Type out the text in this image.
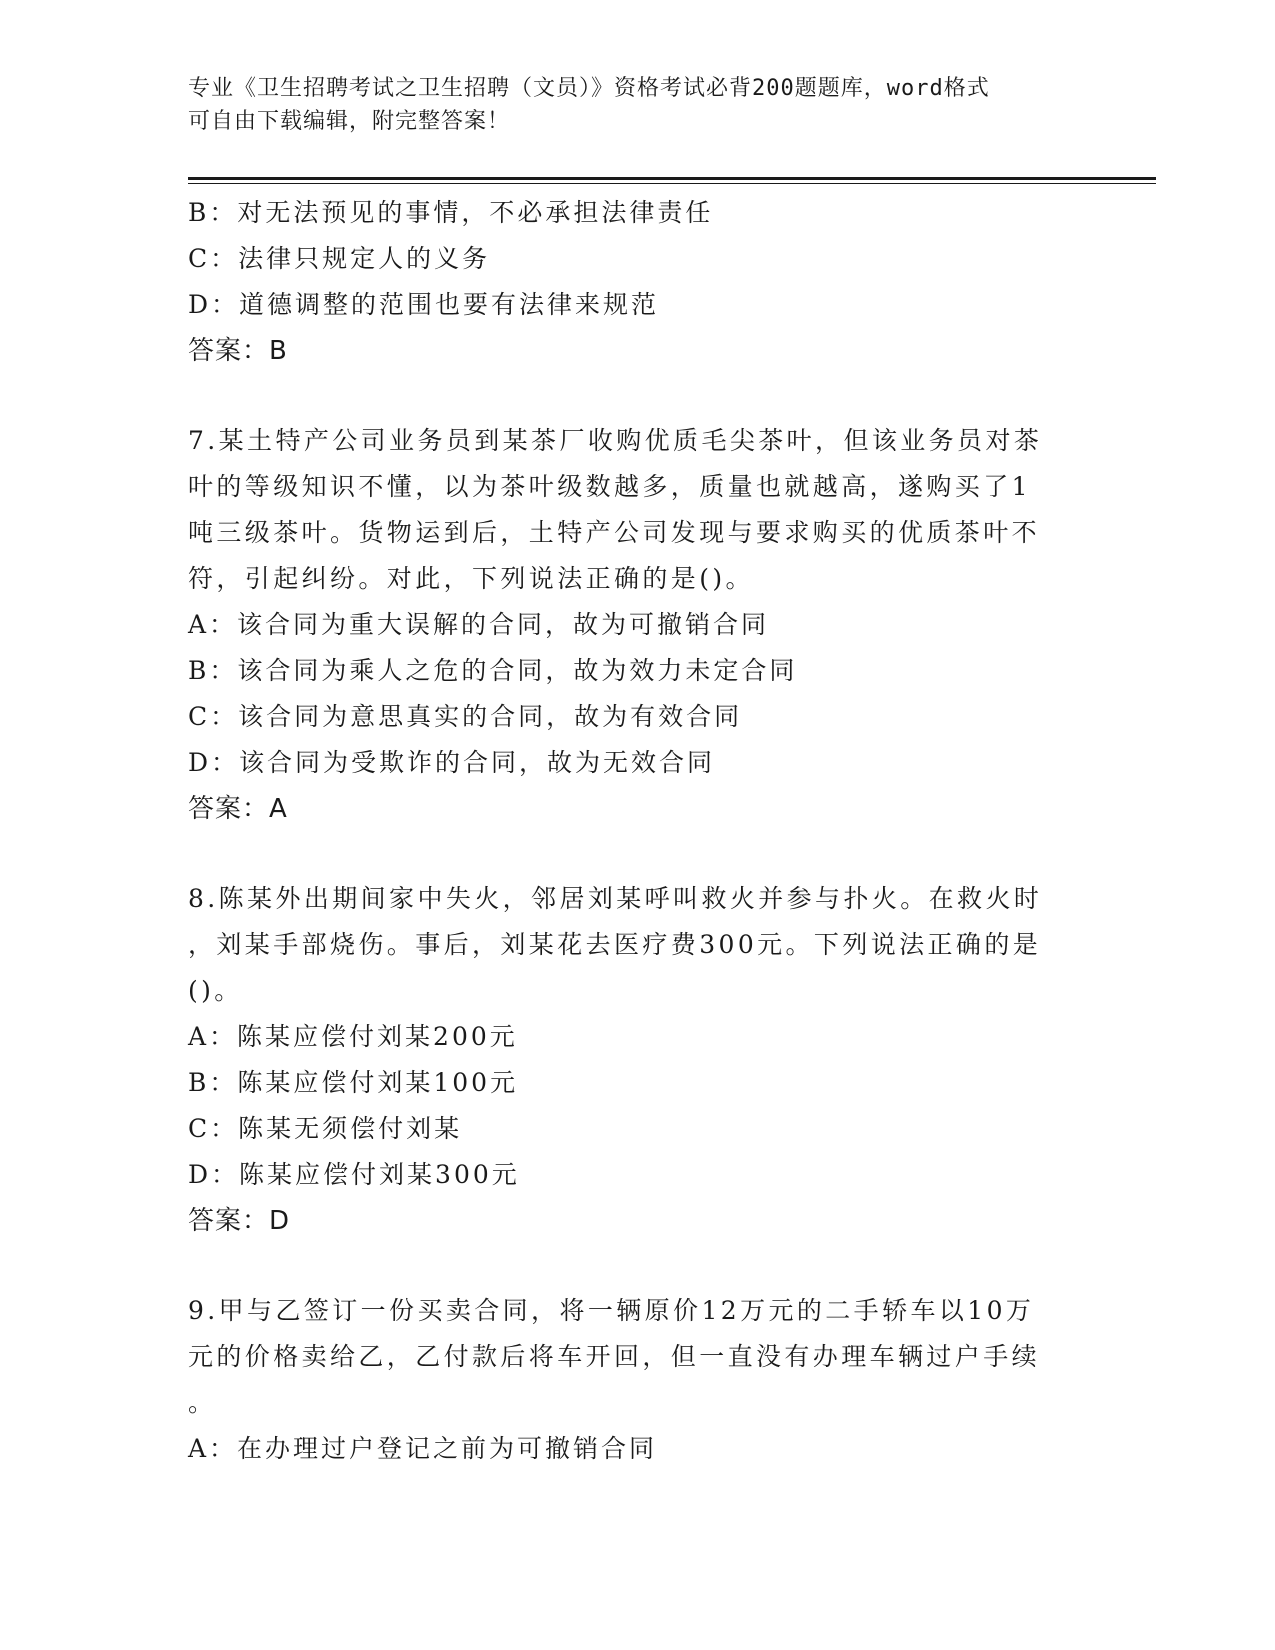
专业《卫生招聘考试之卫生招聘（文员）》资格考试必背200题题库，word格式
可自由下载编辑，附完整答案！
B：对无法预见的事情，不必承担法律责任
C：法律只规定人的义务
D：道德调整的范围也要有法律来规范
答案：B
7.某土特产公司业务员到某茶厂收购优质毛尖茶叶，但该业务员对茶
叶的等级知识不懂，以为茶叶级数越多，质量也就越高，遂购买了1
吨三级茶叶。货物运到后，土特产公司发现与要求购买的优质茶叶不
符，引起纠纷。对此，下列说法正确的是()。
A：该合同为重大误解的合同，故为可撤销合同
B：该合同为乘人之危的合同，故为效力未定合同
C：该合同为意思真实的合同，故为有效合同
D：该合同为受欺诈的合同，故为无效合同
答案：A
8.陈某外出期间家中失火，邻居刘某呼叫救火并参与扑火。在救火时
，刘某手部烧伤。事后，刘某花去医疗费300元。下列说法正确的是
()。
A：陈某应偿付刘某200元
B：陈某应偿付刘某100元
C：陈某无须偿付刘某
D：陈某应偿付刘某300元
答案：D
9.甲与乙签订一份买卖合同，将一辆原价12万元的二手轿车以10万
元的价格卖给乙，乙付款后将车开回，但一直没有办理车辆过户手续
。
A：在办理过户登记之前为可撤销合同
